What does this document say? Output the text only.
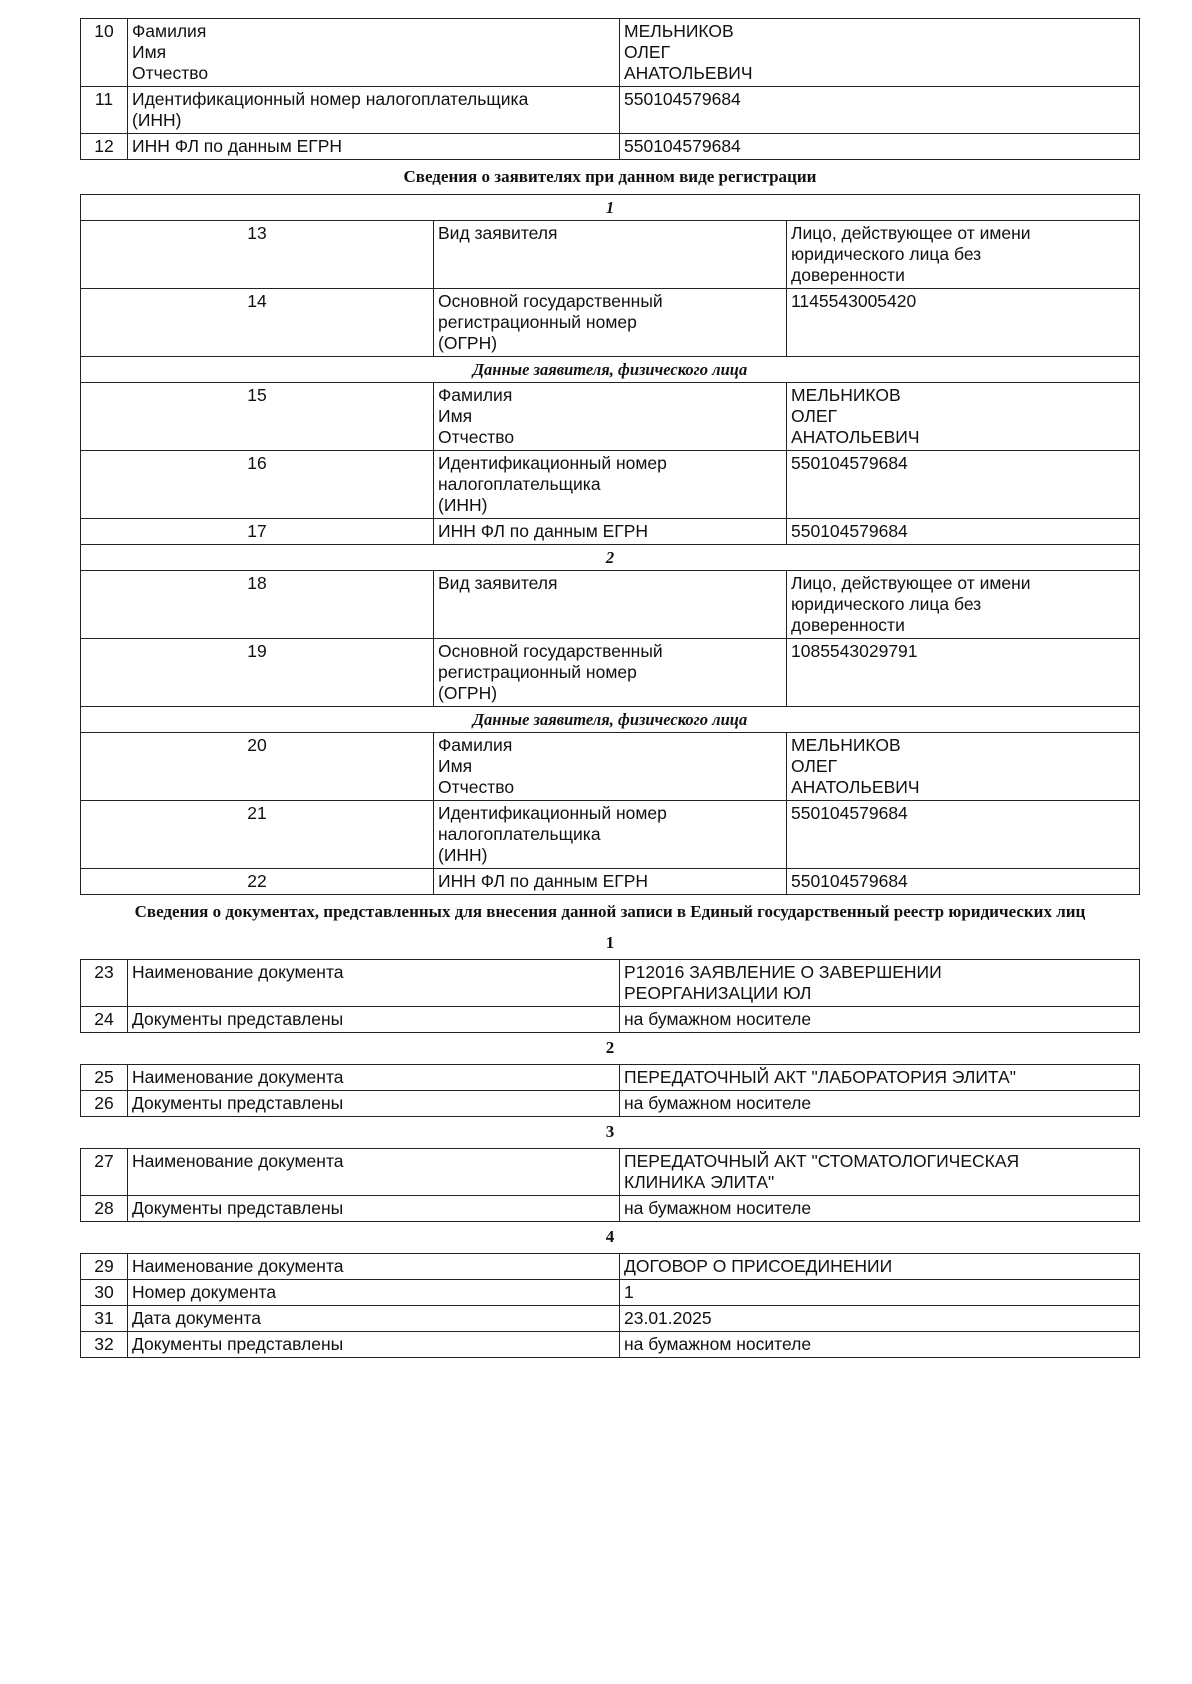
10	Фамилия
Имя
Отчество	МЕЛЬНИКОВ
ОЛЕГ
АНАТОЛЬЕВИЧ

11	Идентификационный номер налогоплательщика
(ИНН)	550104579684
12	ИНН ФЛ по данным ЕГРН	550104579684
Сведения о заявителях при данном виде регистрации
1		
13	Вид заявителя	Лицо, действующее от имени юридического лица без
доверенности

14	Основной государственный регистрационный номер
(ОГРН)	1145543005420
Данные заявителя, физического лица		
15	Фамилия
Имя
Отчество	МЕЛЬНИКОВ
ОЛЕГ
АНАТОЛЬЕВИЧ

16	Идентификационный номер налогоплательщика
(ИНН)	550104579684
17	ИНН ФЛ по данным ЕГРН	550104579684
2		
18	Вид заявителя	Лицо, действующее от имени юридического лица без
доверенности

19	Основной государственный регистрационный номер
(ОГРН)	1085543029791
Данные заявителя, физического лица		
20	Фамилия
Имя
Отчество	МЕЛЬНИКОВ
ОЛЕГ
АНАТОЛЬЕВИЧ

21	Идентификационный номер налогоплательщика
(ИНН)	550104579684
22	ИНН ФЛ по данным ЕГРН	550104579684
Сведения о документах, представленных для внесения данной записи в Единый государственный реестр юридических лиц
1
23	Наименование документа	Р12016 ЗАЯВЛЕНИЕ О ЗАВЕРШЕНИИ
РЕОРГАНИЗАЦИИ ЮЛ

24	Документы представлены	на бумажном носителе
2
25	Наименование документа	ПЕРЕДАТОЧНЫЙ АКТ "ЛАБОРАТОРИЯ ЭЛИТА"
26	Документы представлены	на бумажном носителе
3
27	Наименование документа	ПЕРЕДАТОЧНЫЙ АКТ "СТОМАТОЛОГИЧЕСКАЯ
КЛИНИКА ЭЛИТА"

28	Документы представлены	на бумажном носителе
4
29	Наименование документа	ДОГОВОР О ПРИСОЕДИНЕНИИ
30	Номер документа	1
31	Дата документа	23.01.2025
32	Документы представлены	на бумажном носителе
